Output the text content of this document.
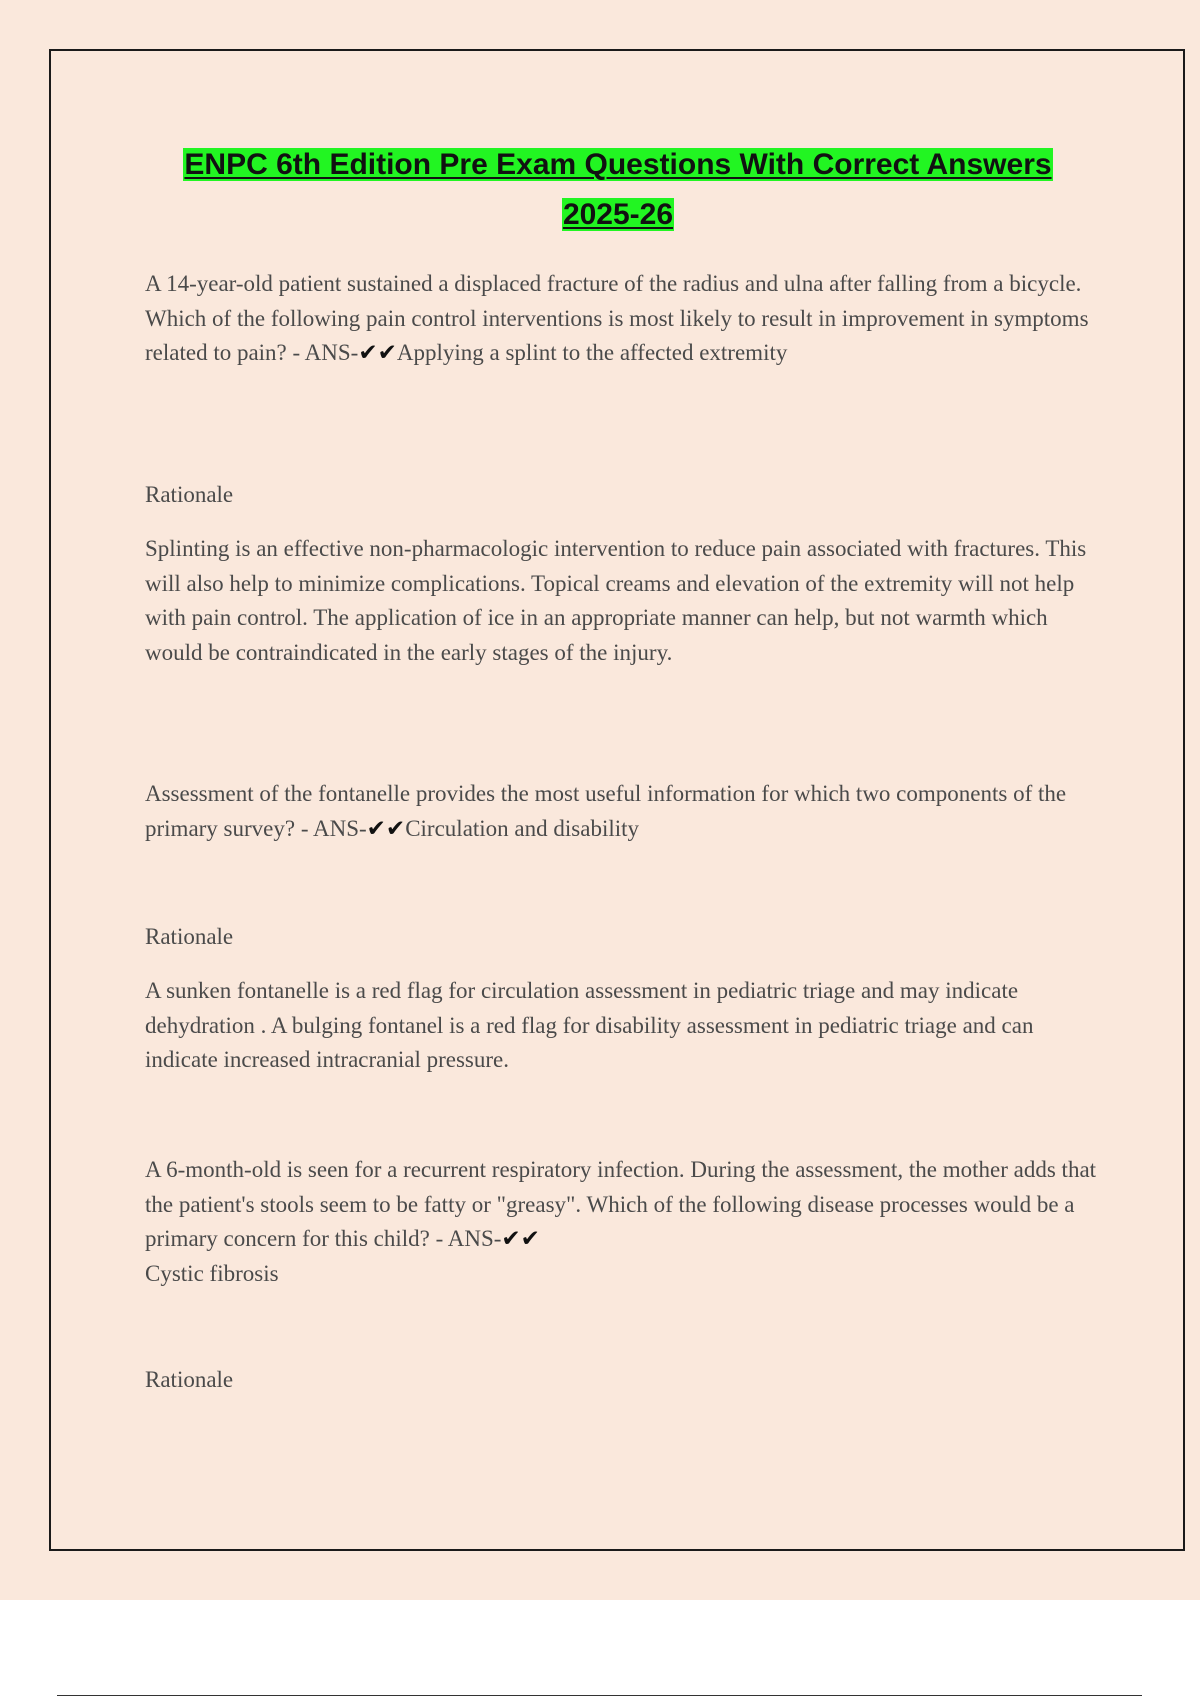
ENPC 6th Edition Pre Exam Questions With Correct Answers
2025-26

A 14-year-old patient sustained a displaced fracture of the radius and ulna after falling from a bicycle. Which of the following pain control interventions is most likely to result in improvement in symptoms related to pain? - ANS-✔✔Applying a splint to the affected extremity

Rationale

Splinting is an effective non-pharmacologic intervention to reduce pain associated with fractures. This will also help to minimize complications. Topical creams and elevation of the extremity will not help with pain control. The application of ice in an appropriate manner can help, but not warmth which would be contraindicated in the early stages of the injury.

Assessment of the fontanelle provides the most useful information for which two components of the primary survey? - ANS-✔✔Circulation and disability

Rationale

A sunken fontanelle is a red flag for circulation assessment in pediatric triage and may indicate dehydration . A bulging fontanel is a red flag for disability assessment in pediatric triage and can indicate increased intracranial pressure.

A 6-month-old is seen for a recurrent respiratory infection. During the assessment, the mother adds that the patient's stools seem to be fatty or "greasy". Which of the following disease processes would be a primary concern for this child? - ANS-✔✔
Cystic fibrosis

Rationale
